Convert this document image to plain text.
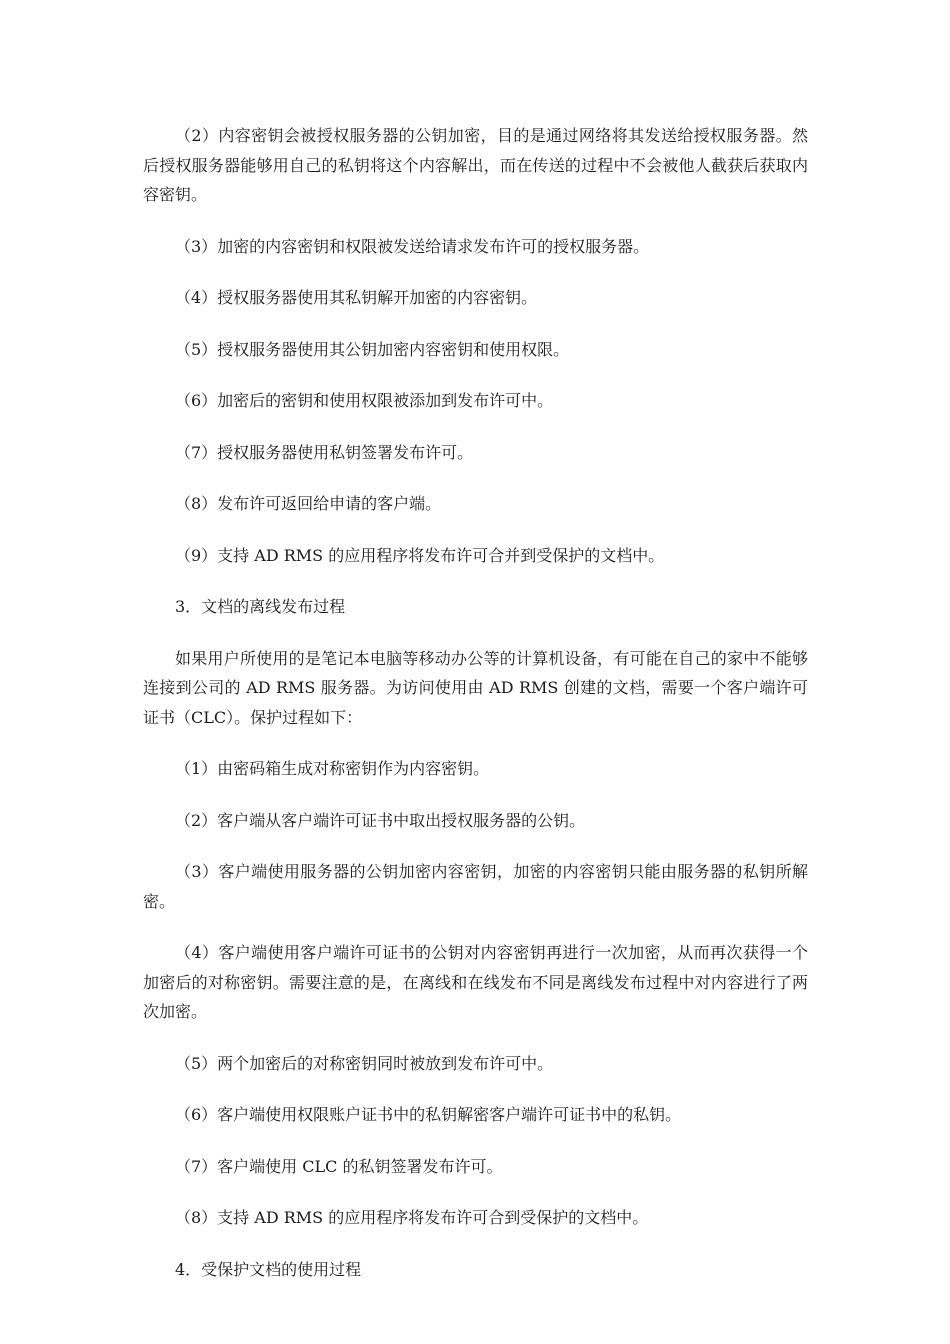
（2）内容密钥会被授权服务器的公钥加密，目的是通过网络将其发送给授权服务器。然后授权服务器能够用自己的私钥将这个内容解出，而在传送的过程中不会被他人截获后获取内容密钥。

（3）加密的内容密钥和权限被发送给请求发布许可的授权服务器。

（4）授权服务器使用其私钥解开加密的内容密钥。

（5）授权服务器使用其公钥加密内容密钥和使用权限。

（6）加密后的密钥和使用权限被添加到发布许可中。

（7）授权服务器使用私钥签署发布许可。

（8）发布许可返回给申请的客户端。

（9）支持 AD RMS 的应用程序将发布许可合并到受保护的文档中。

3．文档的离线发布过程

如果用户所使用的是笔记本电脑等移动办公等的计算机设备，有可能在自己的家中不能够连接到公司的 AD RMS 服务器。为访问使用由 AD RMS 创建的文档，需要一个客户端许可证书（CLC）。保护过程如下：

（1）由密码箱生成对称密钥作为内容密钥。

（2）客户端从客户端许可证书中取出授权服务器的公钥。

（3）客户端使用服务器的公钥加密内容密钥，加密的内容密钥只能由服务器的私钥所解密。

（4）客户端使用客户端许可证书的公钥对内容密钥再进行一次加密，从而再次获得一个加密后的对称密钥。需要注意的是，在离线和在线发布不同是离线发布过程中对内容进行了两次加密。

（5）两个加密后的对称密钥同时被放到发布许可中。

（6）客户端使用权限账户证书中的私钥解密客户端许可证书中的私钥。

（7）客户端使用 CLC 的私钥签署发布许可。

（8）支持 AD RMS 的应用程序将发布许可合到受保护的文档中。

4．受保护文档的使用过程
